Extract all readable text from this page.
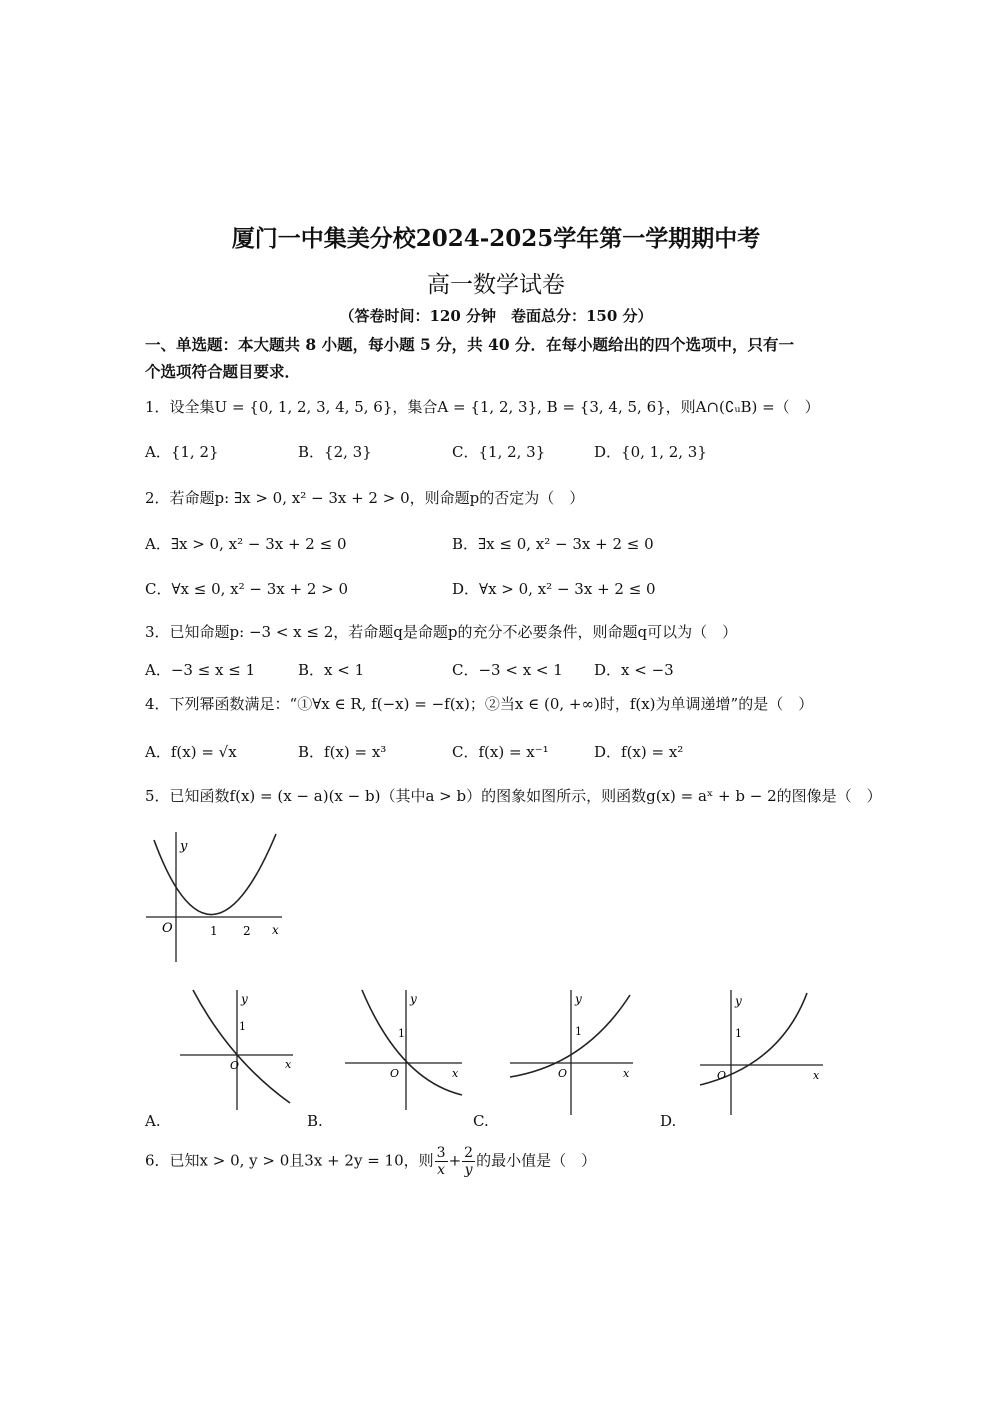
厦门一中集美分校2024-2025学年第一学期期中考
高一数学试卷
（答卷时间：120 分钟　卷面总分：150 分）
一、单选题：本大题共 8 小题，每小题 5 分，共 40 分．在每小题给出的四个选项中，只有一
个选项符合题目要求．
1．设全集U = {0, 1, 2, 3, 4, 5, 6}，集合A = {1, 2, 3}, B = {3, 4, 5, 6}，则A∩(∁ᵤB) =（　）
A．{1, 2}	B．{2, 3}	C．{1, 2, 3}	D．{0, 1, 2, 3}
2．若命题p: ∃x > 0, x² − 3x + 2 > 0，则命题p的否定为（　）
A．∃x > 0, x² − 3x + 2 ≤ 0	B．∃x ≤ 0, x² − 3x + 2 ≤ 0
C．∀x ≤ 0, x² − 3x + 2 > 0	D．∀x > 0, x² − 3x + 2 ≤ 0
3．已知命题p: −3 < x ≤ 2，若命题q是命题p的充分不必要条件，则命题q可以为（　）
A．−3 ≤ x ≤ 1	B．x < 1	C．−3 < x < 1 D．x < −3
4．下列幂函数满足：“①∀x ∈ R, f(−x) = −f(x)；②当x ∈ (0, +∞)时，f(x)为单调递增”的是（　）
A．f(x) = √x	B．f(x) = x³	C．f(x) = x⁻¹	D．f(x) = x²
5．已知函数f(x) = (x − a)(x − b)（其中a > b）的图象如图所示，则函数g(x) = aˣ + b − 2的图像是（　）
y
x
O	1 2
y
1
O	x
A.
y
1
O	x
B.
y
1
O	x
C.
y
1
O	x
D.
6．已知x > 0, y > 0且3x + 2y = 10，则 $\frac{3}{x} + \frac{2}{y}$ 的最小值是（　）
